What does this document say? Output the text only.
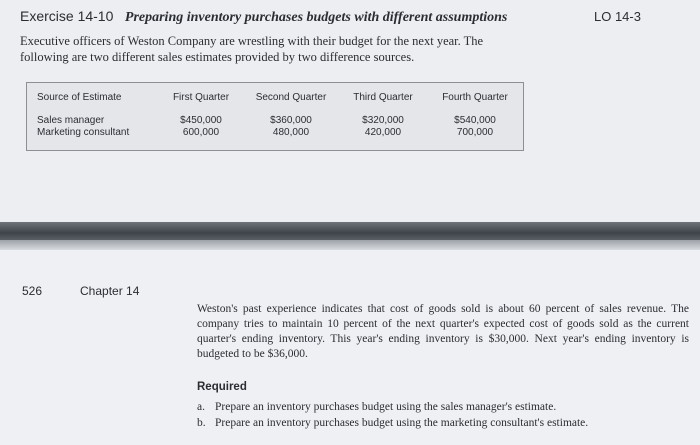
Exercise 14-10 Preparing inventory purchases budgets with different assumptions	LO 14-3
Executive officers of Weston Company are wrestling with their budget for the next year. The following are two different sales estimates provided by two difference sources.
Source of Estimate	First Quarter	Second Quarter	Third Quarter	Fourth Quarter
Sales manager	$450,000	$360,000	$320,000	$540,000
Marketing consultant	600,000	480,000	420,000	700,000
526	Chapter 14
Weston's past experience indicates that cost of goods sold is about 60 percent of sales revenue. The company tries to maintain 10 percent of the next quarter's expected cost of goods sold as the current quarter's ending inventory. This year's ending inventory is $30,000. Next year's ending inventory is budgeted to be $36,000.
Required
a. Prepare an inventory purchases budget using the sales manager's estimate.
b. Prepare an inventory purchases budget using the marketing consultant's estimate.
